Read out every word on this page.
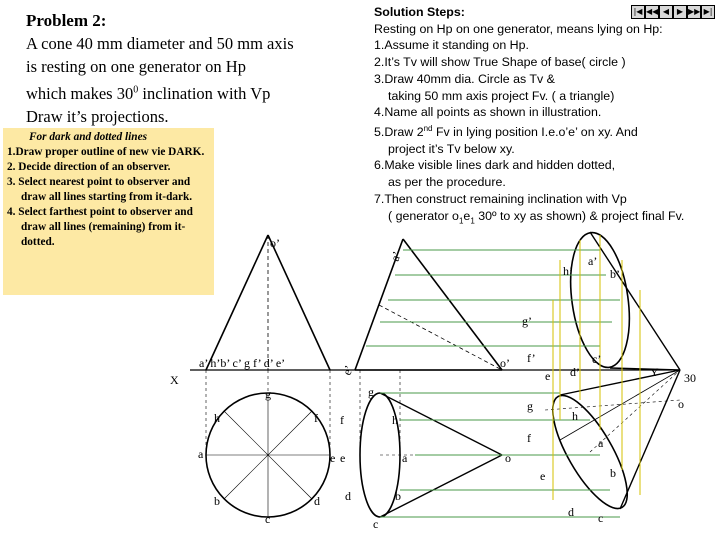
Problem 2:
A cone 40 mm diameter and 50 mm axis
is resting on one generator on Hp
which makes $30^0$ inclination with Vp
Draw it’s projections.
For dark and dotted lines
1.Draw proper outline of new vie DARK.
2. Decide direction of an observer.
3. Select nearest point to observer and draw all lines starting from it-dark.
4. Select farthest point to observer and draw all lines (remaining) from it- dotted.
Solution Steps:
Resting on Hp on one generator, means lying on Hp:
1.Assume it standing on Hp.
2.It’s Tv will show True Shape of base( circle )
3.Draw 40mm dia. Circle as Tv &
taking 50 mm axis project Fv. ( a triangle)
4.Name all points as shown in illustration.
5.Draw 2nd Fv in lying position I.e.o’e’ on xy. And
project it’s Tv below xy.
6.Make visible lines dark and hidden dotted,
as per the procedure.
7.Then construct remaining inclination with Vp
( generator $o_1e_1$ 30º to xy as shown) & project final Fv.
|◀ ◀◀ ◀ ▶ ▶▶ ▶|
X
Y
o’
a’ h’b’ c’ g f’ d’ e’
g
h	f
a	e
b	d
c
g
f	h
e	a
d	b
c
o
o’ f’
e d’
c’
a’
h’	b’
g’
e’
a’
g
f
h
e
a
d
b
c
30
o
